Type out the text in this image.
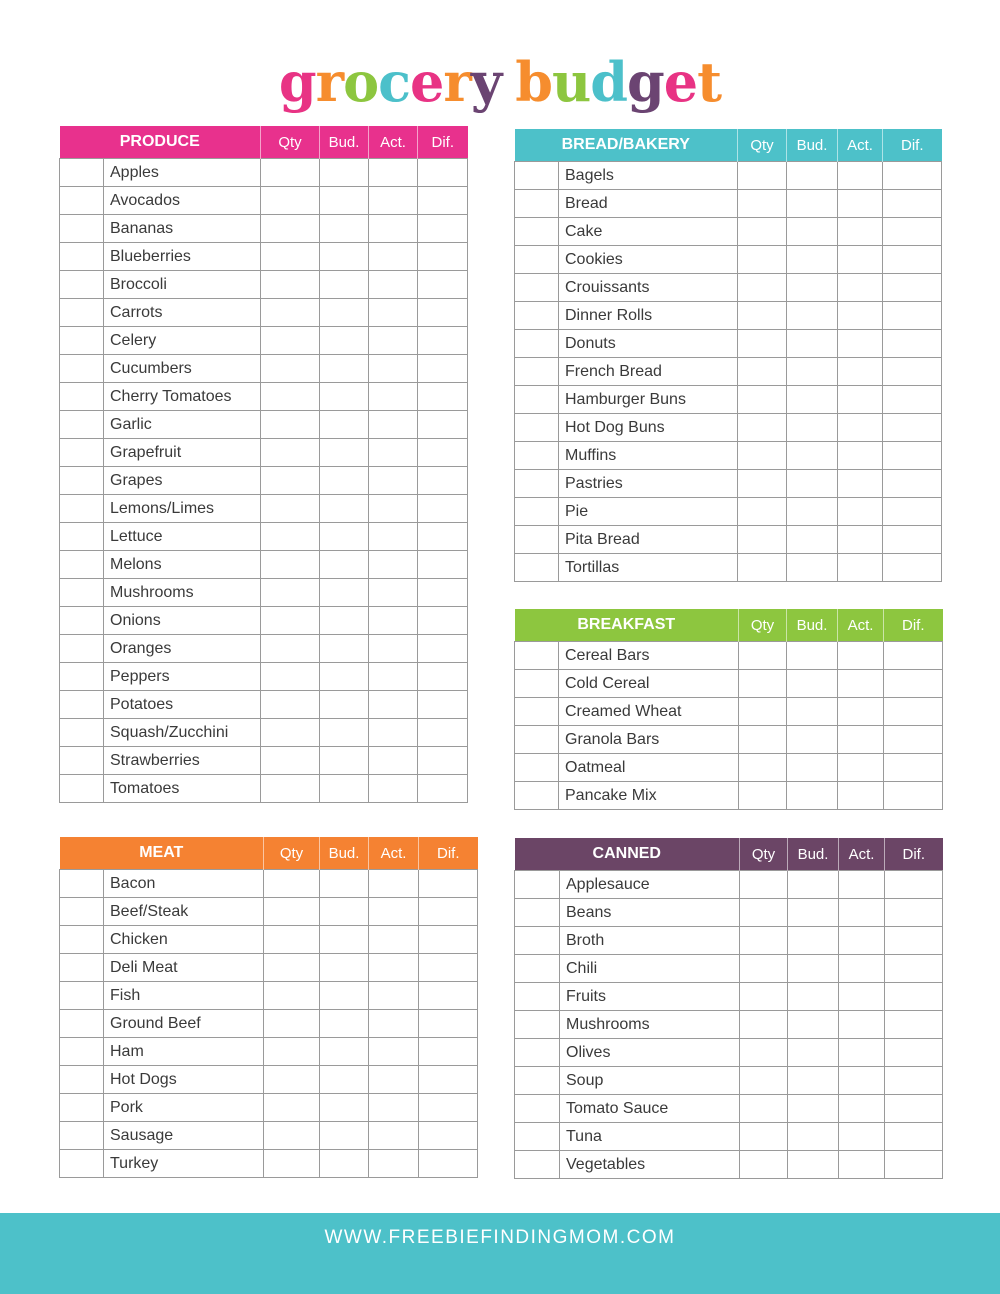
grocery budget
PRODUCE		Qty	Bud.	Act.	Dif.
	Apples				
	Avocados				
	Bananas				
	Blueberries				
	Broccoli				
	Carrots				
	Celery				
	Cucumbers				
	Cherry Tomatoes				
	Garlic				
	Grapefruit				
	Grapes				
	Lemons/Limes				
	Lettuce				
	Melons				
	Mushrooms				
	Onions				
	Oranges				
	Peppers				
	Potatoes				
	Squash/Zucchini				
	Strawberries				
	Tomatoes				
BREAD/BAKERY		Qty	Bud.	Act.	Dif.
	Bagels				
	Bread				
	Cake				
	Cookies				
	Crouissants				
	Dinner Rolls				
	Donuts				
	French Bread				
	Hamburger Buns				
	Hot Dog Buns				
	Muffins				
	Pastries				
	Pie				
	Pita Bread				
	Tortillas				
BREAKFAST		Qty	Bud.	Act.	Dif.
	Cereal Bars				
	Cold Cereal				
	Creamed Wheat				
	Granola Bars				
	Oatmeal				
	Pancake Mix				
MEAT		Qty	Bud.	Act.	Dif.
	Bacon				
	Beef/Steak				
	Chicken				
	Deli Meat				
	Fish				
	Ground Beef				
	Ham				
	Hot Dogs				
	Pork				
	Sausage				
	Turkey				
CANNED		Qty	Bud.	Act.	Dif.
	Applesauce				
	Beans				
	Broth				
	Chili				
	Fruits				
	Mushrooms				
	Olives				
	Soup				
	Tomato Sauce				
	Tuna				
	Vegetables				
WWW.FREEBIEFINDINGMOM.COM
